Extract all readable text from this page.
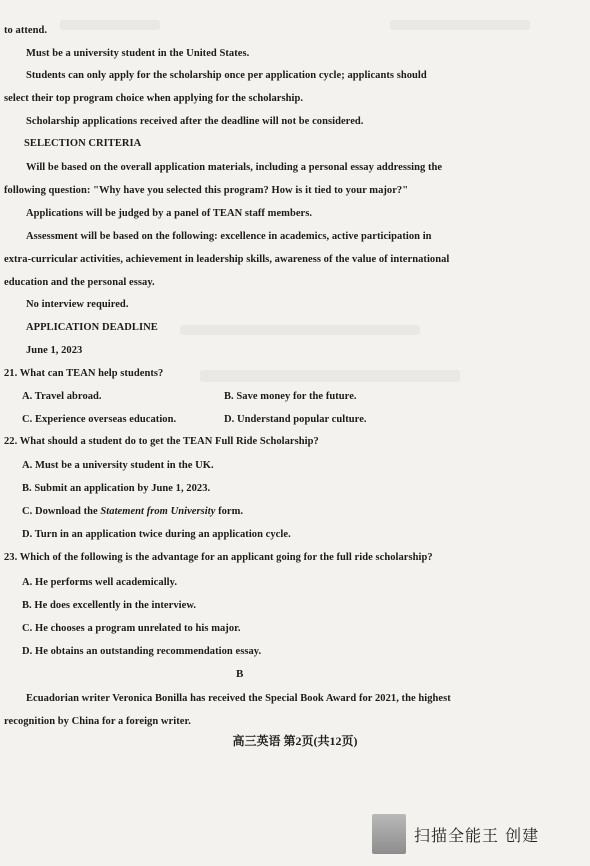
to attend.
Must be a university student in the United States.
Students can only apply for the scholarship once per application cycle; applicants should
select their top program choice when applying for the scholarship.
Scholarship applications received after the deadline will not be considered.
SELECTION CRITERIA
Will be based on the overall application materials, including a personal essay addressing the
following question: "Why have you selected this program? How is it tied to your major?"
Applications will be judged by a panel of TEAN staff members.
Assessment will be based on the following: excellence in academics, active participation in
extra-curricular activities, achievement in leadership skills, awareness of the value of international
education and the personal essay.
No interview required.
APPLICATION DEADLINE
June 1, 2023
21. What can TEAN help students?
A. Travel abroad.	B. Save money for the future.
C. Experience overseas education.	D. Understand popular culture.
22. What should a student do to get the TEAN Full Ride Scholarship?
A. Must be a university student in the UK.
B. Submit an application by June 1, 2023.
C. Download the Statement from University form.
D. Turn in an application twice during an application cycle.
23. Which of the following is the advantage for an applicant going for the full ride scholarship?
A. He performs well academically.
B. He does excellently in the interview.
C. He chooses a program unrelated to his major.
D. He obtains an outstanding recommendation essay.
B
Ecuadorian writer Veronica Bonilla has received the Special Book Award for 2021, the highest
recognition by China for a foreign writer.
高三英语 第2页(共12页)
扫描全能王 创建
